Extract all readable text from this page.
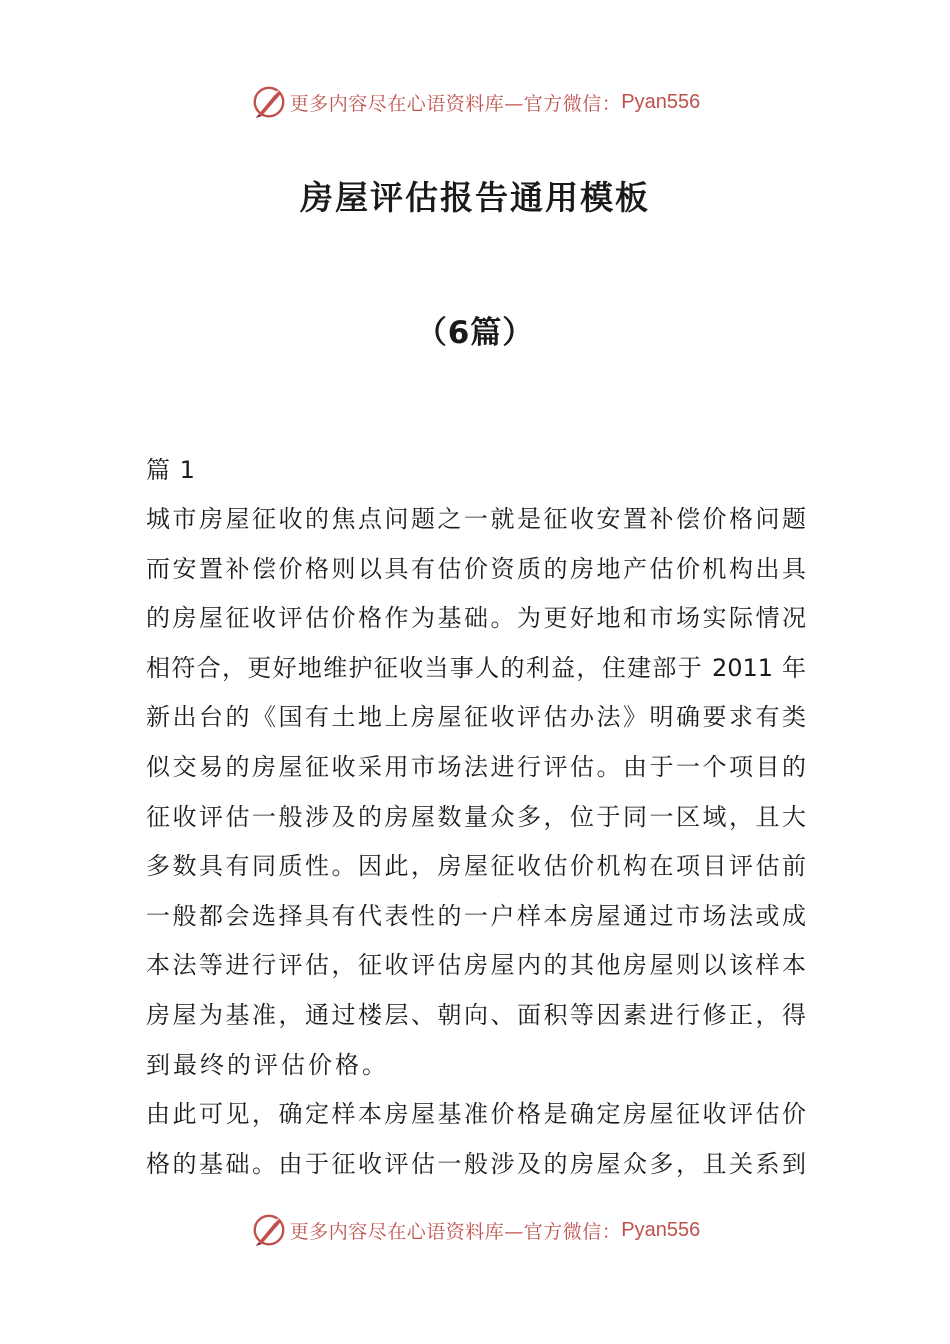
更多内容尽在心语资料库—官方微信： Pyan556
房屋评估报告通用模板
（6篇）
篇 1
城市房屋征收的焦点问题之一就是征收安置补偿价格问题
而安置补偿价格则以具有估价资质的房地产估价机构出具
的房屋征收评估价格作为基础。为更好地和市场实际情况
相符合，更好地维护征收当事人的利益，住建部于 2011 年
新出台的《国有土地上房屋征收评估办法》明确要求有类
似交易的房屋征收采用市场法进行评估。由于一个项目的
征收评估一般涉及的房屋数量众多，位于同一区域，且大
多数具有同质性。因此，房屋征收估价机构在项目评估前
一般都会选择具有代表性的一户样本房屋通过市场法或成
本法等进行评估，征收评估房屋内的其他房屋则以该样本
房屋为基准，通过楼层、朝向、面积等因素进行修正，得
到最终的评估价格。
由此可见，确定样本房屋基准价格是确定房屋征收评估价
格的基础。由于征收评估一般涉及的房屋众多，且关系到
更多内容尽在心语资料库—官方微信： Pyan556
